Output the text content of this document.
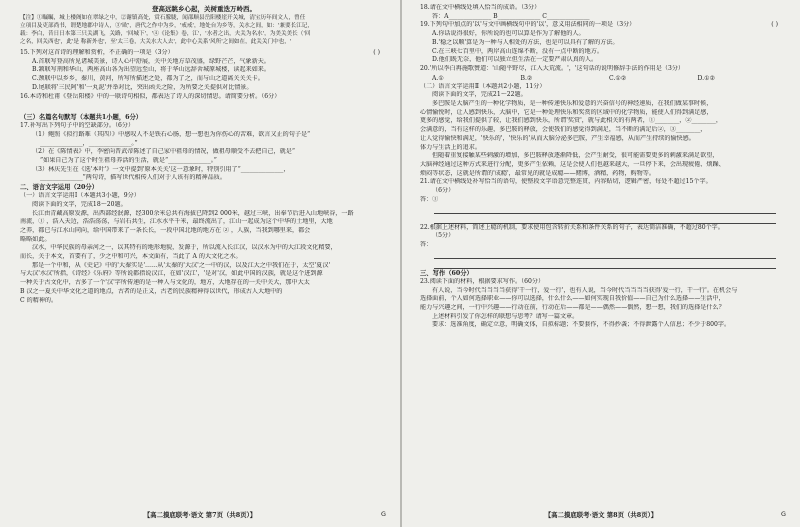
登高远眺乡心起，关树重迭万岭西。
【注】①瞩瞩，城上楼阁如在翠绿之中，②谢镇高处，赏石朦胧，闻邵顺县岳阳楼崖开关城，清宝历年间文人，曾任
立项目及吏部尚书，谓楚地郡中诗人，③'欧'，唐代之作中为乡，'戒戒'，地处台为乡等，关水之间，如：'兼要长江记，
载：李白，昔日日本第三只关湖飞，关路，'回城下'，'④《论集》卷，江'，'水者之出，夫关为名水'，为美关美长（'回
之名，回关西也'，此'是 称新外也'，至'太三卷，大关水大人去'，此中心关系'风所'之间如在，此关关门中也，'
15.下列对这首诗的理解和赏析，不正确的一项是（3分）	( )
A.首联写登高所见诸城美景，诗人心中舒展，关中关地方草茂盛，绿野芒芒，气象新天。
B.颔联写荆和华山，两座高山各为出望远至山，将于华山远辞舍城原城楼，读起来如来。
C.颈联中以乡乡，秦川，黄河，所写所描述之处，都为了之，而与山之道离关关关卡。
D.尾联将'三民阿'和'一丸泥'并举对比，突出函关之险，为所要之关提供对比情景。
16.本诗和杜甫《登岳阳楼》中的一联诗句相似，都表达了诗人的深切情思。请简要分析。（6分）
（三）名篇名句默写（本题共1小题，6分）
17.补写出下列句子中的空缺部分。（6分）
（1）鲍照《拟行路难（其四）》中感叹人不是铁石心肠，想一想也为你伤心的苦难，欲言又止的句子是“
______________，______________。”
（2）在《陈情表》中，李密向晋武帝陈述了自己家中祖母的情况，做祖母顺受不去把自己，就是“
”如果自己为了这个时生祖母养活的生活，就是“______________。”
（3）林庆先生在《选'本叶'》一文中提到'原本关关'这一意象时，特别引用了“______________，
______________”两句诗，描写世代相传人们对于人该有的精神品质。
二、语言文字运用（20分）
（一）语言文字运用Ⅰ（本题共3小题，9分）
阅读下面的文字，完成18～20题。
长江由青藏高原发源，出西部经泯源，经300余米总共有海拔已降到2 000米，越过三峡，出奉节后进入山地峡谷，一路
南流，① ，浩入天边，浩浩荡荡，与岩石共生，江水水平千米，最终流出了，江山一起成为这个中华的土地里，大地
之养，都已与江水山同向，给中国带来了一条长长，一段中国北地的地方在 ② ，人族，当我到哪里来，都会
略略如此。
汉水，中华民族的母亲河之一，以其特有的地形地貌，发源于，所以流入长江汉，以汉水为中的大江段文化精要，
而长，关于本文，首要有了，少之中和可兴，本文面有，当此了 A 的大文化之水。
那是一个中和，从《史记》中的'大秦实是'……从'太秦的'大汉'之一中的汉，以及江大之中我们在于，太空'夏汉'
与大汉'水汉'所指，《诗经》《乐府》等所说都指说汉江，在如'汉江'，'是对'汉，如此中国的汉族，就是这个进到源
一种关于古文化中，古多了一个'汉'字所传递的是一种人与文化的，地方，大地存在的一关中关大，那中大太
B 汉之一夏关中华文化之道的地点，古者的是正义，古老的民族精神得以世代，形成古人大地中的
C 的精神的。
【高二摸底联考·语文 第7页（共8页）】	G
18.请在文中横线处填入恰当的成语。（3分）
答：A______________ B______________ C______________
19.下列句中加点的'以'与文中画横线句中的'以'，意义用法相同的一项是（3分）	( )
A.你话说得很好，你所说的也可以算是作为了解他的人。
B.'稳之以顺'算是为一种与人相处的方法，也是可以具有了解的方法。
C.在三峡七百里中，两岸高山连绵不断，没有一点中断的地方。
D.他们既无奈，他们可以独立但生活在一定要严肃认真的人。
20.'所以李白再施歌赞道：'山随平野尽，江入大荒流。'，'这句话的说明修辞手法的作用是（3分）
A.①	B.②	C.①②	D.①②
（二）语言文字运用Ⅱ（本题共2小题，11分）
阅读下面的文字，完成21～22题。
多巴胺是大脑产生的一种化学物质，是一种传递快乐和爱意的兴奋信号的神经递质，在我们做某事时候，
心情愉悦时，让人感到快乐，大脑中，它是一种处理快乐和奖赏的区域中的化学物质，能使人们得到满足感，
更多的感觉，给我们提供了较，让我们感到快乐，所谓'奖赏'，就与此相关的有两者，①________，②________，
会满意的，当有这样的乐趣，多巴胺的释放，会使我们的感觉得到满足，当不断的满足后②，③________，
让人觉得愉快和满足，'快乐的'，'快乐的'从而大脑分泌多巴胺，产生幸福感，从而产生持续的愉快感。
体力与生活上的追求。
但随着重复接触某些刺激的增加，多巴胺释放逐渐降低，会产生耐受，很可能需要更多的刺激来满足欲望，
大脑神经通过这种方式来进行分配，更多产生依赖，这是会使人们也越来越大，一旦停下来，会出现疲倦、烦躁、
烦闷等状态，这就是所谓的'成瘾'，最常见的就是成瘾——赌博，酒精，药物，购物等。
21.请在文中横线处补写恰当的语句，使整段文字语意完整连贯，内容贴切，逻辑严密，每处不超过15个字。
（6分）
答：①
22.根据上述材料，简述上瘾的机制，要求使用包含转折关系和条件关系的句子，表达简洁准确，不超过80个字。
（5分）
答：
三、写作（60分）
23.阅读下面的材料，根据要求写作。（60分）
有人说，当今时代当当当当获得'干一行，爱一行'，也有人说，当今时代当当当当获得'爱一行，干一行'。在机会与
选择面前，个人如何选择职业——你可以选择，什么什么——如何实现自我价值——自己为什么选择——生活中，
能力与兴趣之间，一行中兴趣——行动在前，行动在后——都是——偶然——偶然，想一想，我们的选择是什么？
上述材料引发了你怎样的联想与思考？请写一篇文章。
要求：选准角度，确定立意，明确文体，自拟标题；不要套作，不得抄袭；不得泄露个人信息；不少于800字。
【高二摸底联考·语文 第8页（共8页）】	G
